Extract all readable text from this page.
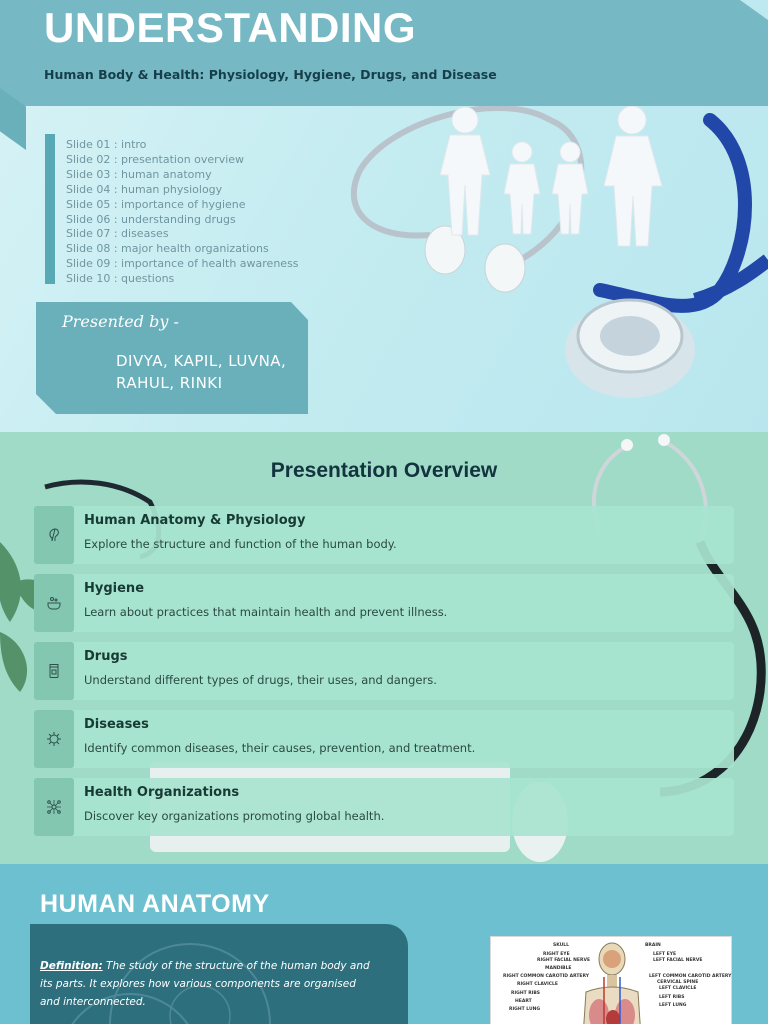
UNDERSTANDING
Human Body & Health: Physiology, Hygiene, Drugs, and Disease
Slide 01 : intro
Slide 02 : presentation overview
Slide 03 : human anatomy
Slide 04 : human physiology
Slide 05 : importance of hygiene
Slide 06 : understanding drugs
Slide 07 : diseases
Slide 08 : major health organizations
Slide 09 : importance of health awareness
Slide 10 : questions
Presented by -
DIVYA, KAPIL, LUVNA, RAHUL, RINKI
Presentation Overview
Human Anatomy & Physiology
Explore the structure and function of the human body.
Hygiene
Learn about practices that maintain health and prevent illness.
Drugs
Understand different types of drugs, their uses, and dangers.
Diseases
Identify common diseases, their causes, prevention, and treatment.
Health Organizations
Discover key organizations promoting global health.
HUMAN ANATOMY

Definition: The study of the structure of the human body and its parts. It explores how various components are organised and interconnected.

SKULL
RIGHT EYE
RIGHT FACIAL NERVE
MANDIBLE
RIGHT COMMON CAROTID ARTERY
RIGHT CLAVICLE
RIGHT RIBS
HEART
RIGHT LUNG
BRAIN
LEFT EYE
LEFT FACIAL NERVE
LEFT COMMON CAROTID ARTERY
CERVICAL SPINE
LEFT CLAVICLE
LEFT RIBS
LEFT LUNG
